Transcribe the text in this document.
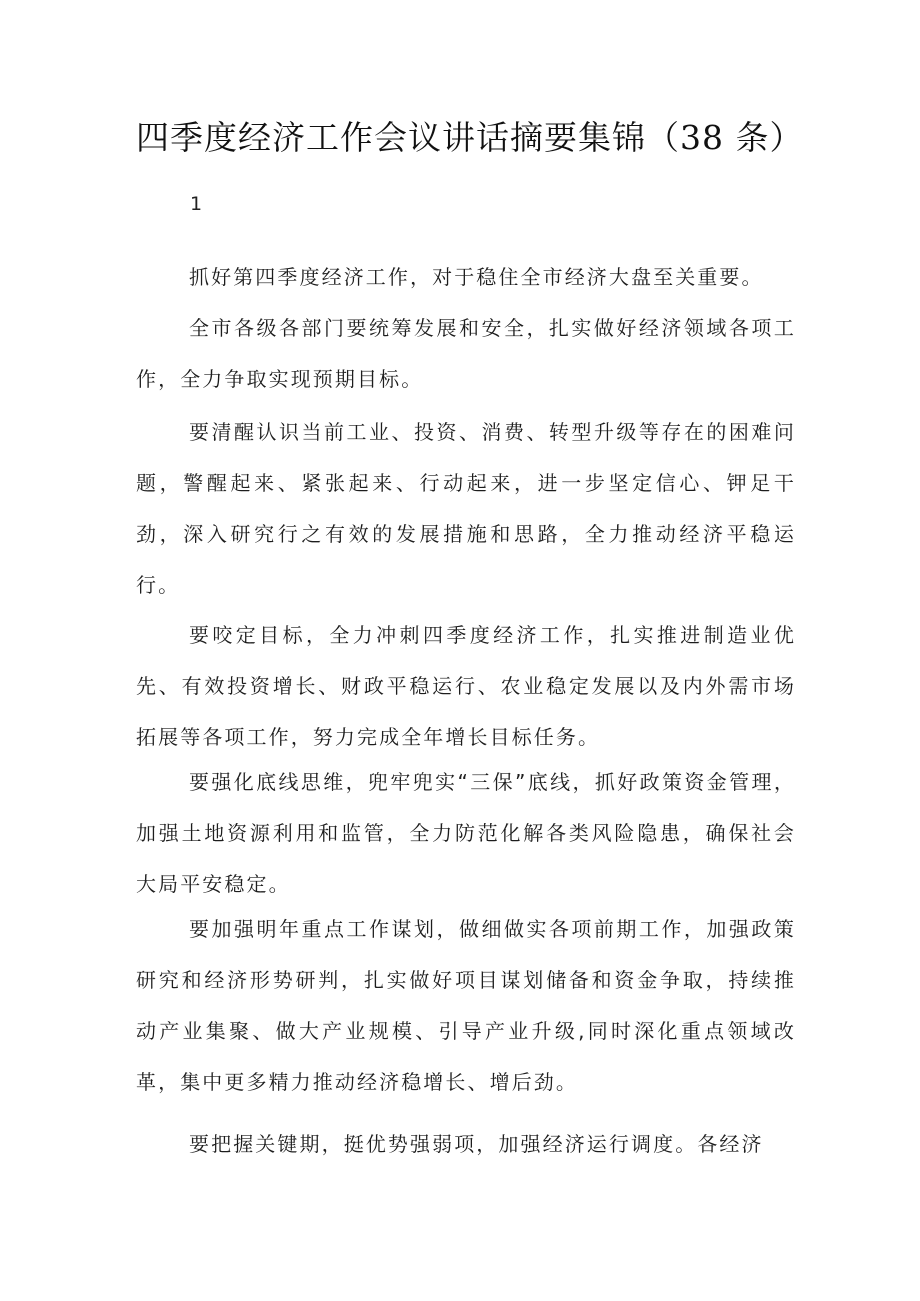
四季度经济工作会议讲话摘要集锦（38 条）
1

抓好第四季度经济工作，对于稳住全市经济大盘至关重要。

全市各级各部门要统筹发展和安全，扎实做好经济领域各项工作，全力争取实现预期目标。

要清醒认识当前工业、投资、消费、转型升级等存在的困难问题，警醒起来、紧张起来、行动起来，进一步坚定信心、钾足干劲，深入研究行之有效的发展措施和思路，全力推动经济平稳运行。

要咬定目标，全力冲刺四季度经济工作，扎实推进制造业优先、有效投资增长、财政平稳运行、农业稳定发展以及内外需市场拓展等各项工作，努力完成全年增长目标任务。

要强化底线思维，兜牢兜实“三保”底线，抓好政策资金管理，加强土地资源利用和监管，全力防范化解各类风险隐患，确保社会大局平安稳定。

要加强明年重点工作谋划，做细做实各项前期工作，加强政策研究和经济形势研判，扎实做好项目谋划储备和资金争取，持续推动产业集聚、做大产业规模、引导产业升级,同时深化重点领域改革，集中更多精力推动经济稳增长、增后劲。

要把握关键期，挺优势强弱项，加强经济运行调度。各经济
